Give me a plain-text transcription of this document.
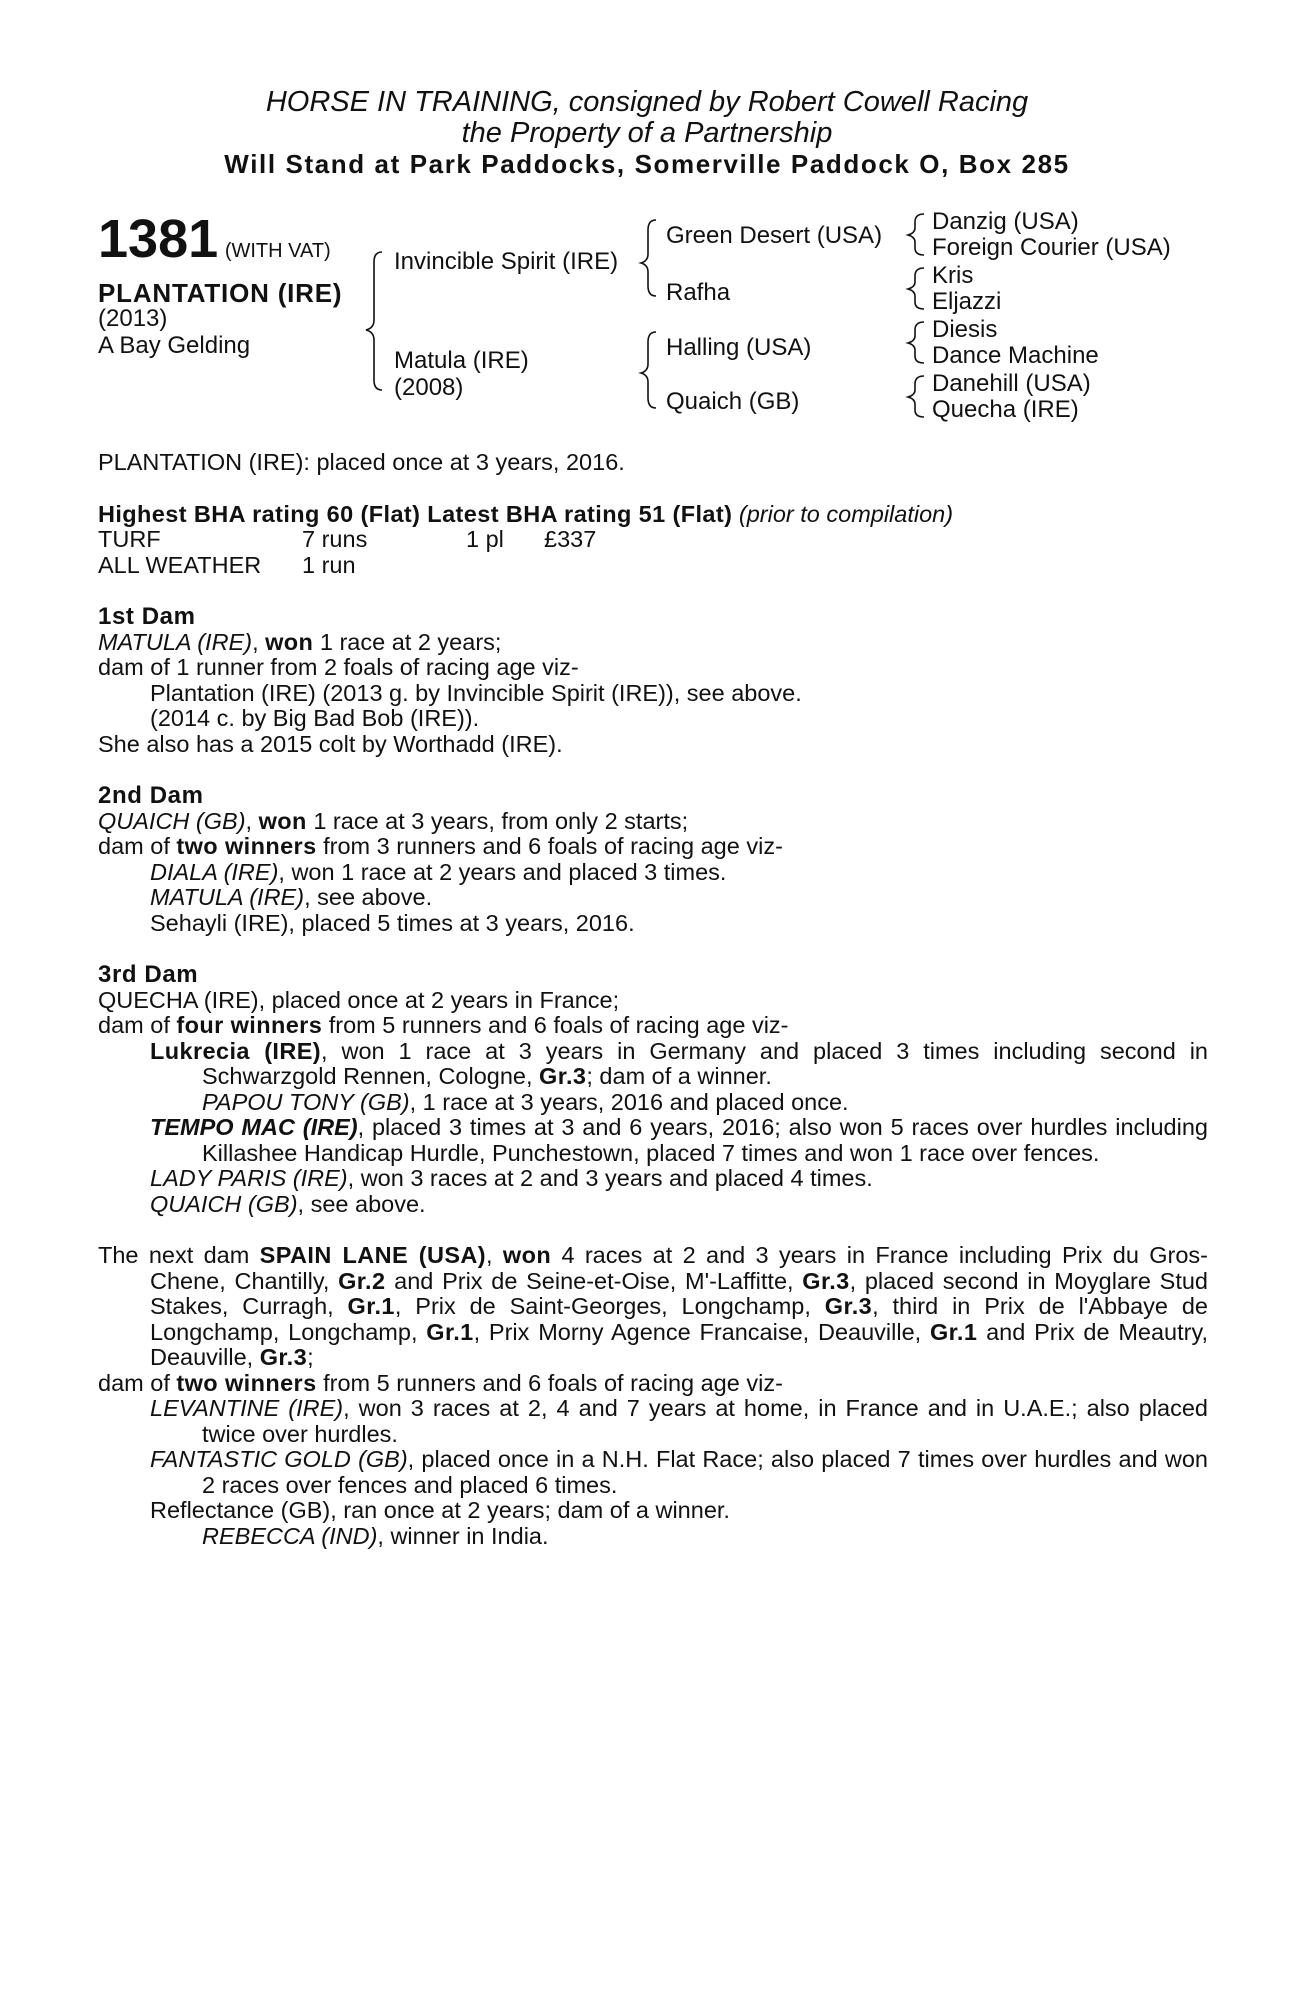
HORSE IN TRAINING, consigned by Robert Cowell Racing
the Property of a Partnership
Will Stand at Park Paddocks, Somerville Paddock O, Box 285
1381 (WITH VAT)
PLANTATION (IRE)
(2013)
A Bay Gelding
Invincible Spirit (IRE)
Matula (IRE)
(2008)
Green Desert (USA)
Rafha
Halling (USA)
Quaich (GB)
Danzig (USA)
Foreign Courier (USA)
Kris
Eljazzi
Diesis
Dance Machine
Danehill (USA)
Quecha (IRE)

PLANTATION (IRE): placed once at 3 years, 2016.

Highest BHA rating 60 (Flat) Latest BHA rating 51 (Flat) (prior to compilation)

TURF	7 runs	1 pl	£337
ALL WEATHER	1 run		

1st Dam

MATULA (IRE), won 1 race at 2 years;

dam of 1 runner from 2 foals of racing age viz-

Plantation (IRE) (2013 g. by Invincible Spirit (IRE)), see above.

(2014 c. by Big Bad Bob (IRE)).

She also has a 2015 colt by Worthadd (IRE).

2nd Dam

QUAICH (GB), won 1 race at 3 years, from only 2 starts;

dam of two winners from 3 runners and 6 foals of racing age viz-

DIALA (IRE), won 1 race at 2 years and placed 3 times.

MATULA (IRE), see above.

Sehayli (IRE), placed 5 times at 3 years, 2016.

3rd Dam

QUECHA (IRE), placed once at 2 years in France;

dam of four winners from 5 runners and 6 foals of racing age viz-

Lukrecia (IRE), won 1 race at 3 years in Germany and placed 3 times including second in Schwarzgold Rennen, Cologne, Gr.3; dam of a winner.

PAPOU TONY (GB), 1 race at 3 years, 2016 and placed once.

TEMPO MAC (IRE), placed 3 times at 3 and 6 years, 2016; also won 5 races over hurdles including Killashee Handicap Hurdle, Punchestown, placed 7 times and won 1 race over fences.

LADY PARIS (IRE), won 3 races at 2 and 3 years and placed 4 times.

QUAICH (GB), see above.

The next dam SPAIN LANE (USA), won 4 races at 2 and 3 years in France including Prix du Gros-Chene, Chantilly, Gr.2 and Prix de Seine-et-Oise, M'-Laffitte, Gr.3, placed second in Moyglare Stud Stakes, Curragh, Gr.1, Prix de Saint-Georges, Longchamp, Gr.3, third in Prix de l'Abbaye de Longchamp, Longchamp, Gr.1, Prix Morny Agence Francaise, Deauville, Gr.1 and Prix de Meautry, Deauville, Gr.3;

dam of two winners from 5 runners and 6 foals of racing age viz-

LEVANTINE (IRE), won 3 races at 2, 4 and 7 years at home, in France and in U.A.E.; also placed twice over hurdles.

FANTASTIC GOLD (GB), placed once in a N.H. Flat Race; also placed 7 times over hurdles and won 2 races over fences and placed 6 times.

Reflectance (GB), ran once at 2 years; dam of a winner.

REBECCA (IND), winner in India.
